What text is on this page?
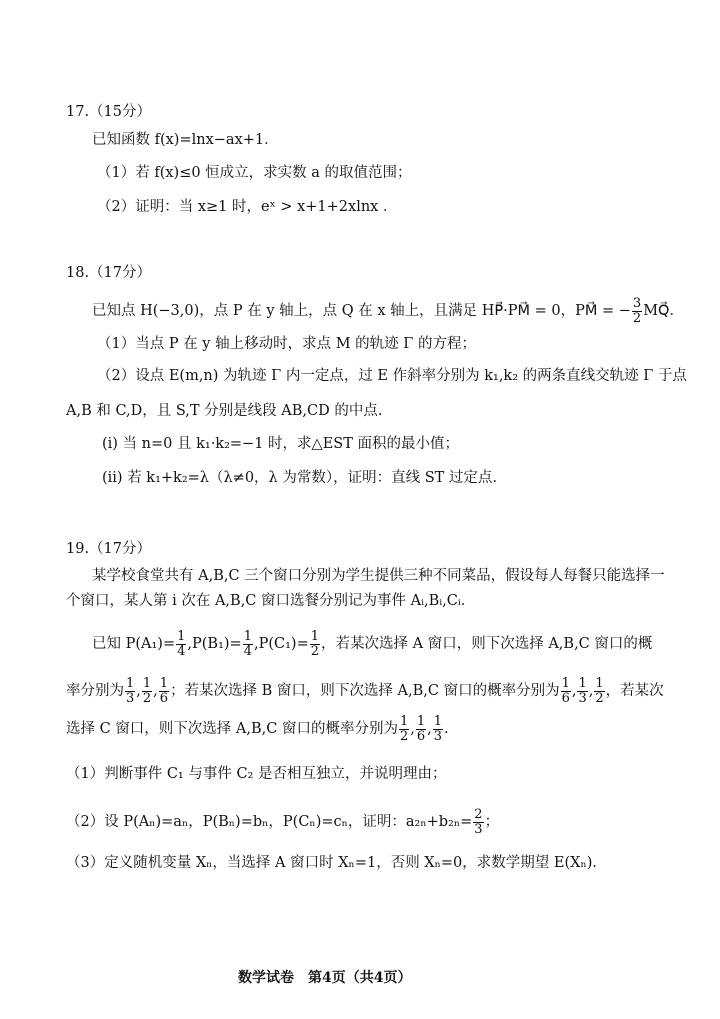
17.（15分）
已知函数 f(x)=lnx−ax+1．
（1）若 f(x)≤0 恒成立，求实数 a 的取值范围；
（2）证明：当 x≥1 时，eˣ > x+1+2xlnx ．
18.（17分）
已知点 H(−3,0)，点 P 在 y 轴上，点 Q 在 x 轴上，且满足 HP⃗·PM⃗ = 0，PM⃗ = − $\frac{3}{2}$ MQ⃗．
（1）当点 P 在 y 轴上移动时，求点 M 的轨迹 Γ 的方程；
（2）设点 E(m,n) 为轨迹 Γ 内一定点，过 E 作斜率分别为 k₁,k₂ 的两条直线交轨迹 Γ 于点
A,B 和 C,D，且 S,T 分别是线段 AB,CD 的中点.
(i) 当 n=0 且 k₁·k₂=−1 时，求△EST 面积的最小值；
(ii) 若 k₁+k₂=λ（λ≠0，λ 为常数），证明：直线 ST 过定点.
19.（17分）
某学校食堂共有 A,B,C 三个窗口分别为学生提供三种不同菜品，假设每人每餐只能选择一
个窗口，某人第 i 次在 A,B,C 窗口选餐分别记为事件 Aᵢ,Bᵢ,Cᵢ．
已知 $P(A_1)= \frac{1}{4} ,P(B_1)= \frac{1}{4} ,P(C_1)= \frac{1}{2}$ ，若某次选择 A 窗口，则下次选择 A,B,C 窗口的概
率分别为 $\frac{1}{3}$ , $\frac{1}{2}$ , $\frac{1}{6}$ ；若某次选择 B 窗口，则下次选择 A,B,C 窗口的概率分别为 $\frac{1}{6}$ , $\frac{1}{3}$ , $\frac{1}{2}$ ，若某次
选择 C 窗口，则下次选择 A,B,C 窗口的概率分别为 $\frac{1}{2}$ , $\frac{1}{6}$ , $\frac{1}{3}$ .
（1）判断事件 C₁ 与事件 C₂ 是否相互独立，并说明理由；
（2）设 P(Aₙ)=aₙ，P(Bₙ)=bₙ，P(Cₙ)=cₙ，证明：$a_{2n}+b_{2n}= \frac{2}{3}$ ；
（3）定义随机变量 Xₙ，当选择 A 窗口时 Xₙ=1，否则 Xₙ=0，求数学期望 E(Xₙ)．
数学试卷　第4页（共4页）
